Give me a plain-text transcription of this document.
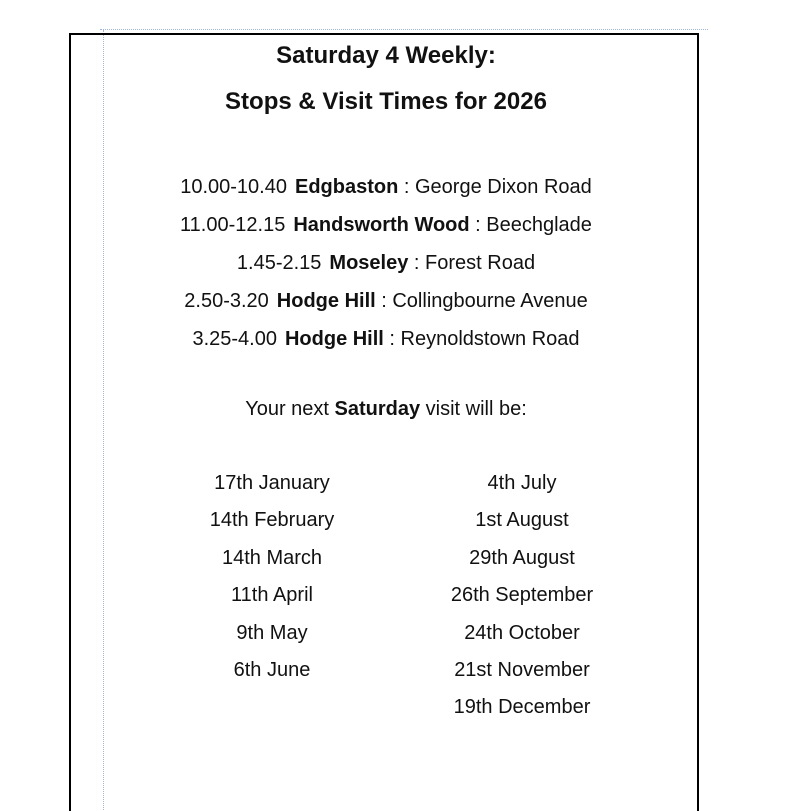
Saturday 4 Weekly:
Stops & Visit Times for 2026
10.00-10.40 Edgbaston : George Dixon Road
11.00-12.15 Handsworth Wood : Beechglade
1.45-2.15 Moseley : Forest Road
2.50-3.20 Hodge Hill : Collingbourne Avenue
3.25-4.00 Hodge Hill : Reynoldstown Road
Your next Saturday visit will be:
17th January
14th February
14th March
11th April
9th May
6th June
4th July
1st August
29th August
26th September
24th October
21st November
19th December
